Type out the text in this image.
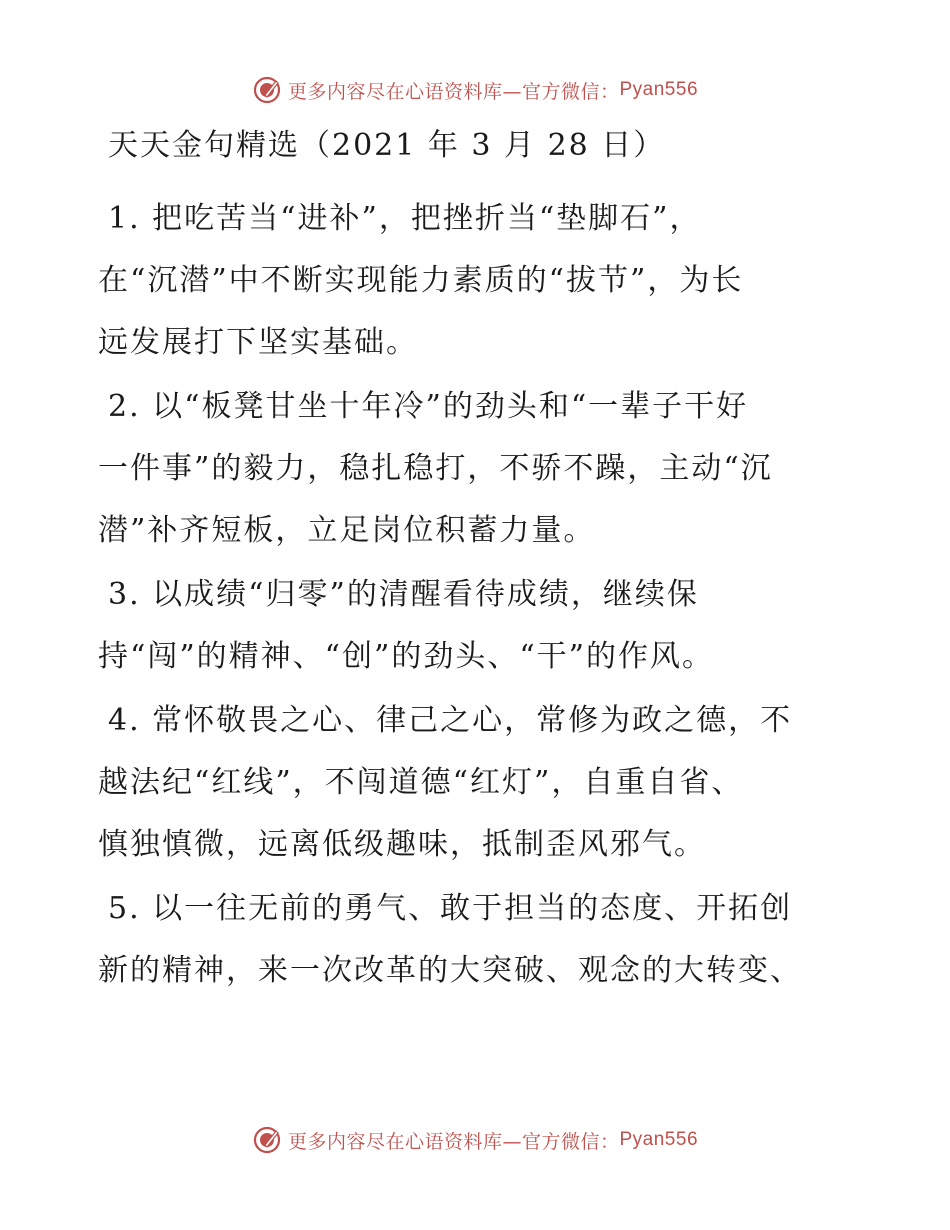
更多内容尽在心语资料库—官方微信： Pyan556
天天金句精选（2021 年 3 月 28 日）
1. 把吃苦当“进补”，把挫折当“垫脚石”，
在“沉潜”中不断实现能力素质的“拔节”，为长
远发展打下坚实基础。
2. 以“板凳甘坐十年冷”的劲头和“一辈子干好
一件事”的毅力，稳扎稳打，不骄不躁，主动“沉
潜”补齐短板，立足岗位积蓄力量。
3. 以成绩“归零”的清醒看待成绩，继续保
持“闯”的精神、“创”的劲头、“干”的作风。
4. 常怀敬畏之心、律己之心，常修为政之德，不
越法纪“红线”，不闯道德“红灯”，自重自省、
慎独慎微，远离低级趣味，抵制歪风邪气。
5. 以一往无前的勇气、敢于担当的态度、开拓创
新的精神，来一次改革的大突破、观念的大转变、
更多内容尽在心语资料库—官方微信： Pyan556
